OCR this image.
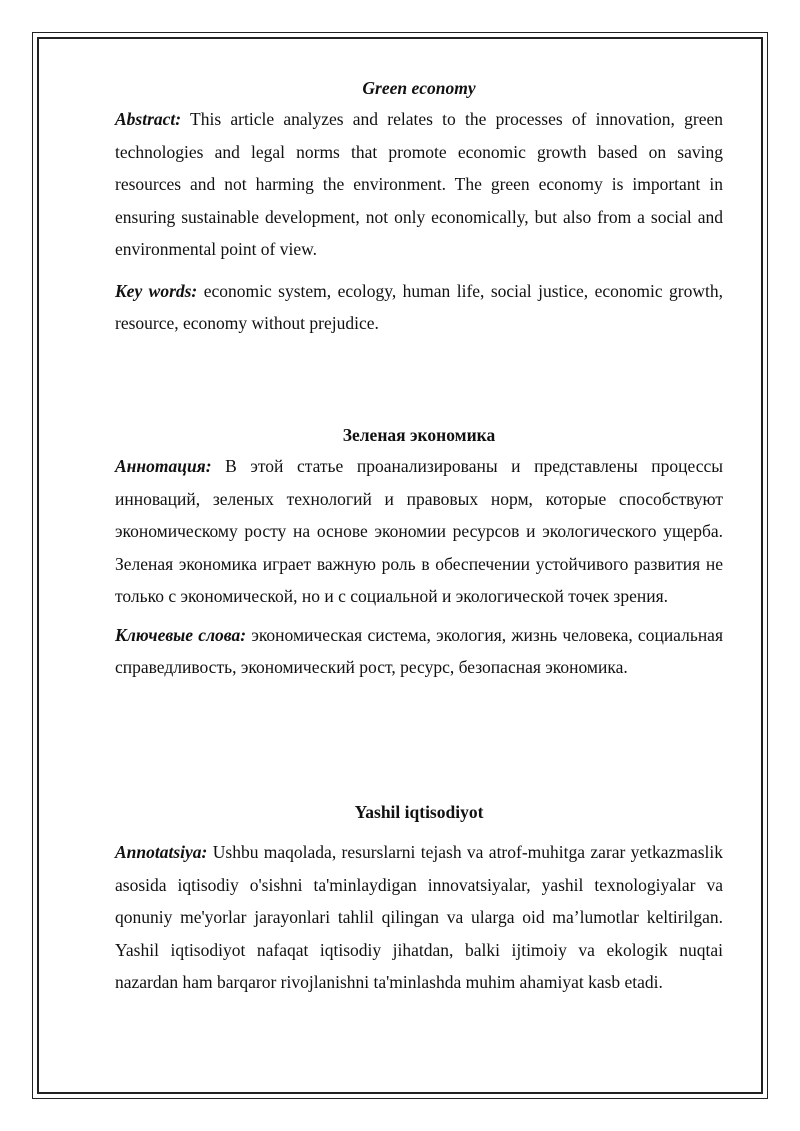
Green economy

Abstract: This article analyzes and relates to the processes of innovation, green technologies and legal norms that promote economic growth based on saving resources and not harming the environment. The green economy is important in ensuring sustainable development, not only economically, but also from a social and environmental point of view.

Key words: economic system, ecology, human life, social justice, economic growth, resource, economy without prejudice.

Зеленая экономика

Аннотация: В этой статье проанализированы и представлены процессы инноваций, зеленых технологий и правовых норм, которые способствуют экономическому росту на основе экономии ресурсов и экологического ущерба. Зеленая экономика играет важную роль в обеспечении устойчивого развития не только с экономической, но и с социальной и экологической точек зрения.

Ключевые слова: экономическая система, экология, жизнь человека, социальная справедливость, экономический рост, ресурс, безопасная экономика.

Yashil iqtisodiyot

Annotatsiya: Ushbu maqolada, resurslarni tejash va atrof-muhitga zarar yetkazmaslik asosida iqtisodiy o'sishni ta'minlaydigan innovatsiyalar, yashil texnologiyalar va qonuniy me'yorlar jarayonlari tahlil qilingan va ularga oid ma’lumotlar keltirilgan. Yashil iqtisodiyot nafaqat iqtisodiy jihatdan, balki ijtimoiy va ekologik nuqtai nazardan ham barqaror rivojlanishni ta'minlashda muhim ahamiyat kasb etadi.
